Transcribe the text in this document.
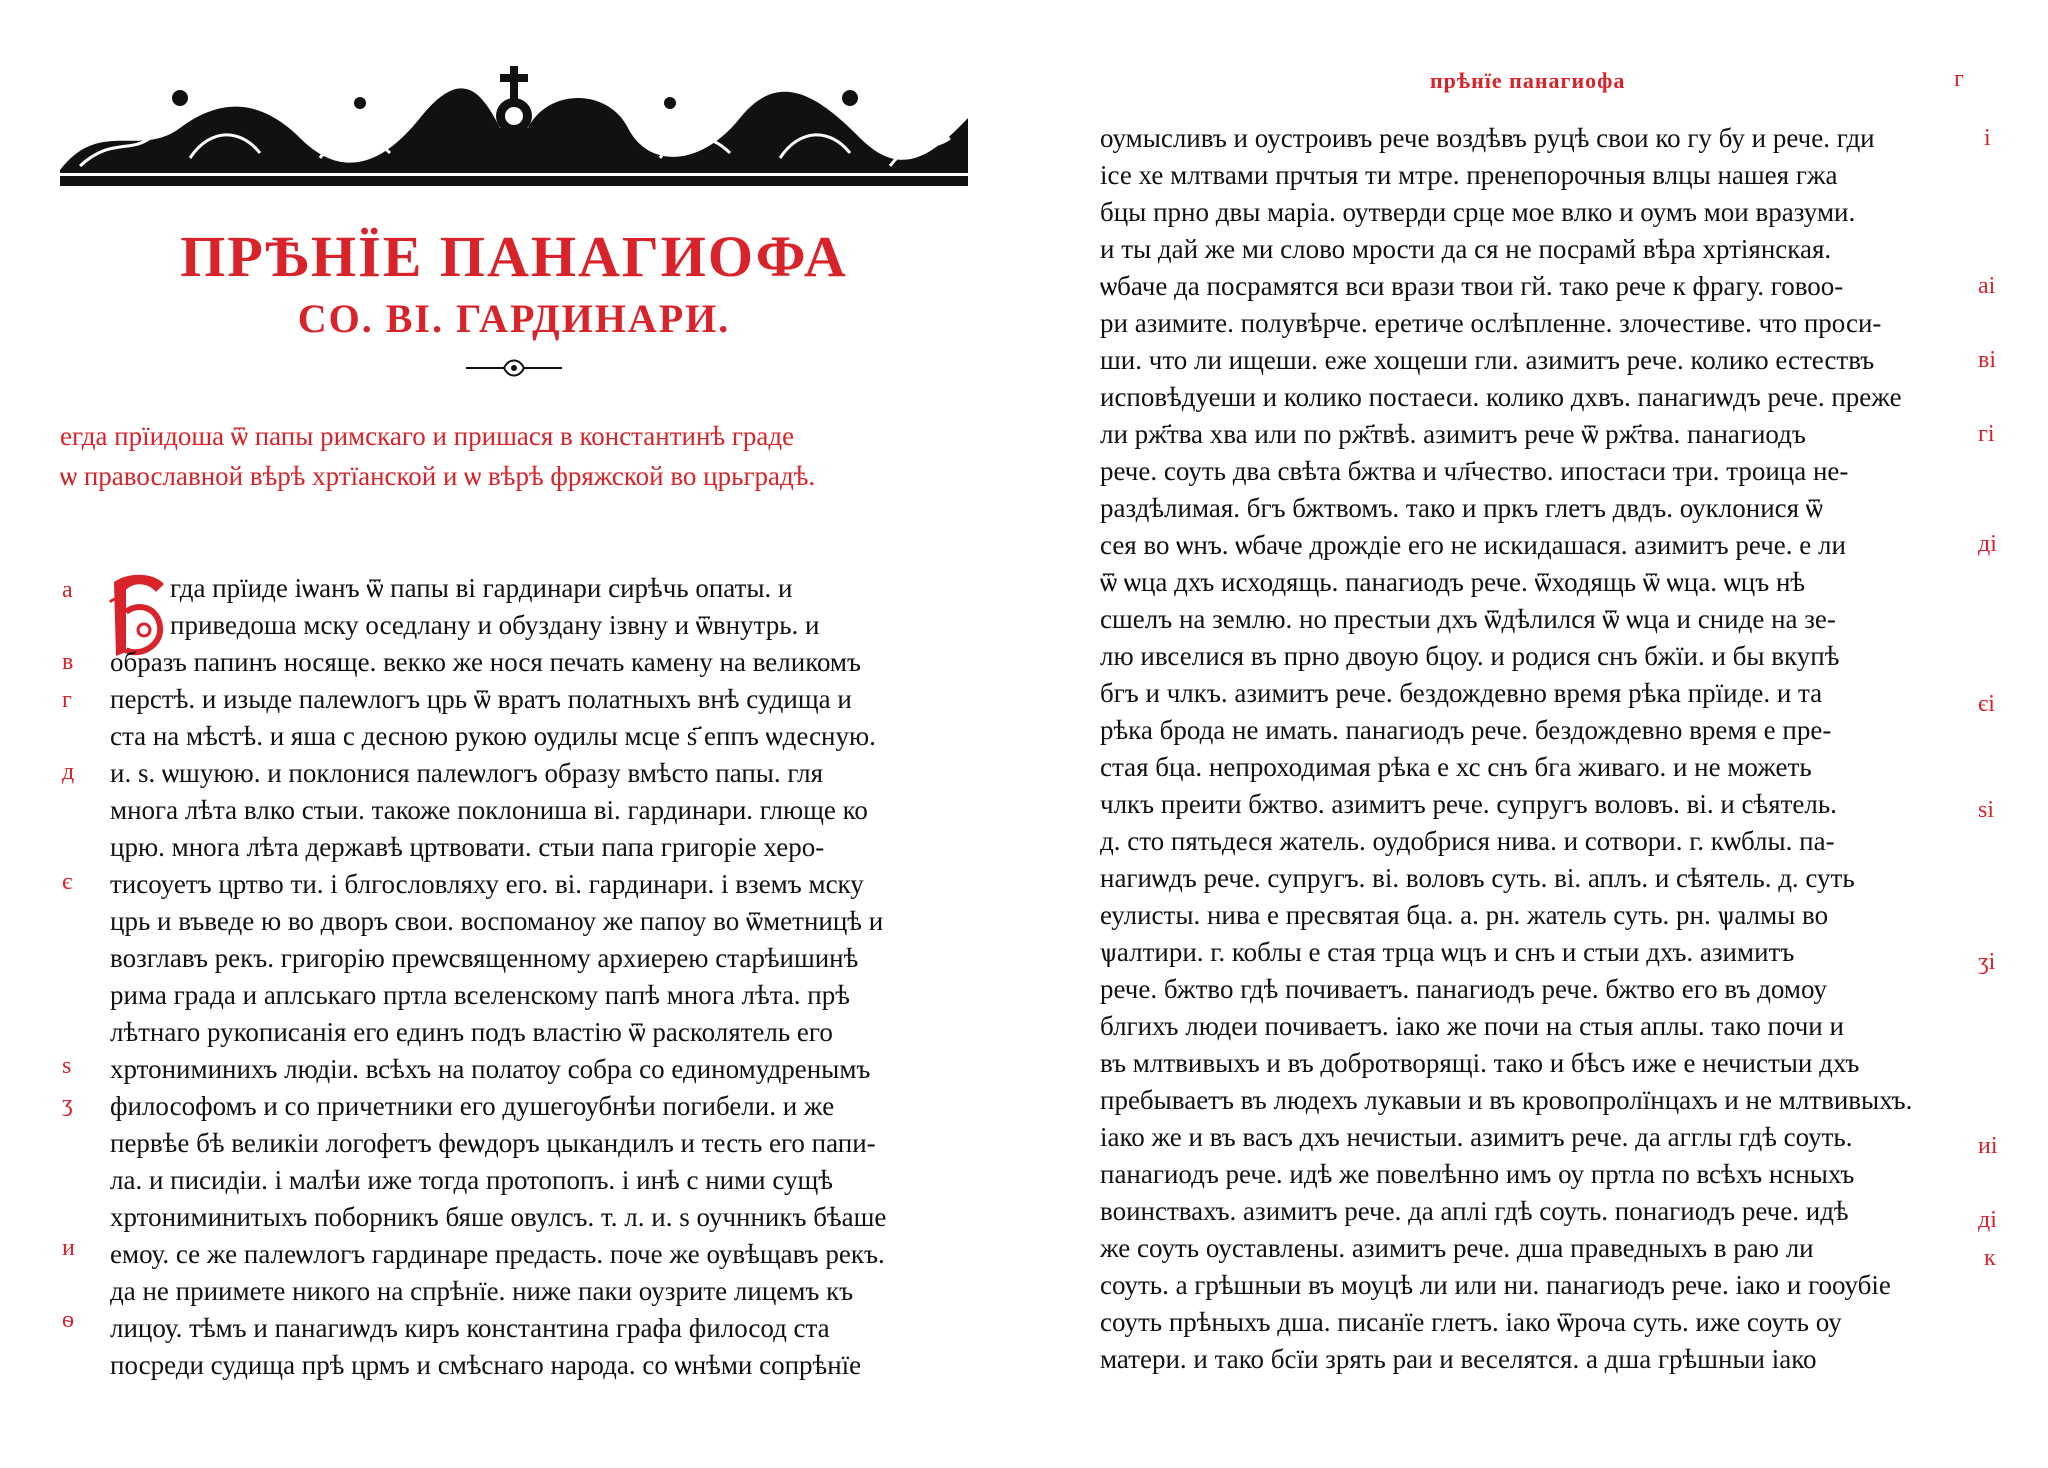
ПРѢНЇЕ ПАНАГИОФА
СО. ВІ. ГАРДИНАРИ.
егда прїидоша ѿ папы римскаго и пришася в константинѣ граде
ѡ православной вѣрѣ хртїанской и ѡ вѣрѣ фряжской во црьградѣ.
гда прїиде іѡанъ ѿ папы ві гардинари сирѣчь опаты. и
приведоша мску оседлану и обуздану ізвну и ѿвнутрь. и
образъ папинъ носяще. векко же нося печать камену на великомъ
перстѣ. и изыде палеѡлогъ црь ѿ вратъ полатныхъ внѣ судища и
ста на мѣстѣ. и яша с десною рукою оудилы мсце ѕ҃ еппъ ѡдесную.
и. ѕ. ѡшуюю. и поклонися палеѡлогъ образу вмѣсто папы. гля
многа лѣта влко стыи. такоже поклониша ві. гардинари. глюще ко
црю. многа лѣта державѣ цртвовати. стыи папа григоріе херо-
тисоуетъ цртво ти. і блгословляху его. ві. гардинари. і вземъ мску
црь и въведе ю во дворъ свои. воспоманоу же папоу во ѿметницѣ и
возглавъ рекъ. григорію преѡсвященному архиерею старѣишинѣ
рима града и аплськаго пртла вселенскому папѣ многа лѣта. прѣ
лѣтнаго рукописанія его единъ подъ властію ѿ расколятель его
хртониминихъ людіи. всѣхъ на полатоу собра со единомудренымъ
философомъ и со причетники его душегоубнѣи погибели. и же
первѣе бѣ великіи логофетъ феѡдоръ цыкандилъ и тесть его папи-
ла. и писидіи. і малѣи иже тогда протопопъ. і инѣ с ними сущѣ
хртониминитыхъ поборникъ бяше овулсъ. т. л. и. ѕ оучнникъ бѣаше
емоу. се же палеѡлогъ гардинаре предасть. поче же оувѣщавъ рекъ.
да не приимете никого на спрѣнїе. ниже паки оузрите лицемъ къ
лицоу. тѣмъ и панагиѡдъ киръ константина графа филосод ста
посреди судища прѣ црмъ и смѣснаго народа. со ѡнѣми сопрѣнїе
а
в
г
д
є
ѕ
ӡ
и
ѳ
прѣнїе панагиофа	г
оумысливъ и оустроивъ рече воздѣвъ руцѣ свои ко гу бу и рече. гди
ісе хе млтвами прчтыя ти мтре. пренепорочныя влцы нашея гжа
бцы прно двы маріа. оутверди срце мое влко и оумъ мои вразуми.
и ты дай же ми слово мрости да ся не посрамй вѣра хртіянская.
ѡбаче да посрамятся вси врази твои гй. тако рече к фрагу. говоо-
ри азимите. полувѣрче. еретиче ослѣпленне. злочестиве. что проси-
ши. что ли ищеши. еже хощеши гли. азимитъ рече. колико естествъ
исповѣдуеши и колико постаеси. колико дхвъ. панагиѡдъ рече. преже
ли рж҃тва хва или по рж҃твѣ. азимитъ рече ѿ рж҃тва. панагиодъ
рече. соуть два свѣта бжтва и чл҃чество. ипостаси три. троица не-
раздѣлимая. бгъ бжтвомъ. тако и пркъ глетъ двдъ. оуклонися ѿ
сея во ѡнъ. ѡбаче дрождіе его не искидашася. азимитъ рече. е ли
ѿ ѡца дхъ исходящь. панагиодъ рече. ѿходящь ѿ ѡца. ѡцъ нѣ
сшелъ на землю. но престыи дхъ ѿдѣлился ѿ ѡца и сниде на зе-
лю ивселися въ прно двоую бцоу. и родися снъ бжїи. и бы вкупѣ
бгъ и члкъ. азимитъ рече. бездождевно время рѣка прїиде. и та
рѣка брода не имать. панагиодъ рече. бездождевно время е пре-
стая бца. непроходимая рѣка е хс снъ бга живаго. и не можеть
члкъ преити бжтво. азимитъ рече. супругъ воловъ. ві. и сѣятель.
д. сто пятьдеся жатель. оудобрися нива. и сотвори. г. кѡблы. па-
нагиѡдъ рече. супругъ. ві. воловъ суть. ві. аплъ. и сѣятель. д. суть
еулисты. нива е пресвятая бца. а. рн. жатель суть. рн. ѱалмы во
ѱалтири. г. коблы е стая трца ѡцъ и снъ и стыи дхъ. азимитъ
рече. бжтво гдѣ почиваетъ. панагиодъ рече. бжтво его въ домоу
блгихъ людеи почиваетъ. іако же почи на стыя аплы. тако почи и
въ млтвивыхъ и въ добротворящі. тако и бѣсъ иже е нечистыи дхъ
пребываетъ въ людехъ лукавыи и въ кровопролїнцахъ и не млтвивыхъ.
іако же и въ васъ дхъ нечистыи. азимитъ рече. да агглы гдѣ соуть.
панагиодъ рече. идѣ же повелѣнно имъ оу пртла по всѣхъ нсныхъ
воинствахъ. азимитъ рече. да аплі гдѣ соуть. понагиодъ рече. идѣ
же соуть оуставлены. азимитъ рече. дша праведныхъ в раю ли
соуть. а грѣшныи въ моуцѣ ли или ни. панагиодъ рече. іако и гооубіе
соуть прѣныхъ дша. писанїе глетъ. іако ѿроча суть. иже соуть оу
матери. и тако бсїи зрять раи и веселятся. а дша грѣшныи іако
і
аі
ві
гі
ді
єі
ѕі
ӡі
иі
ді
к
